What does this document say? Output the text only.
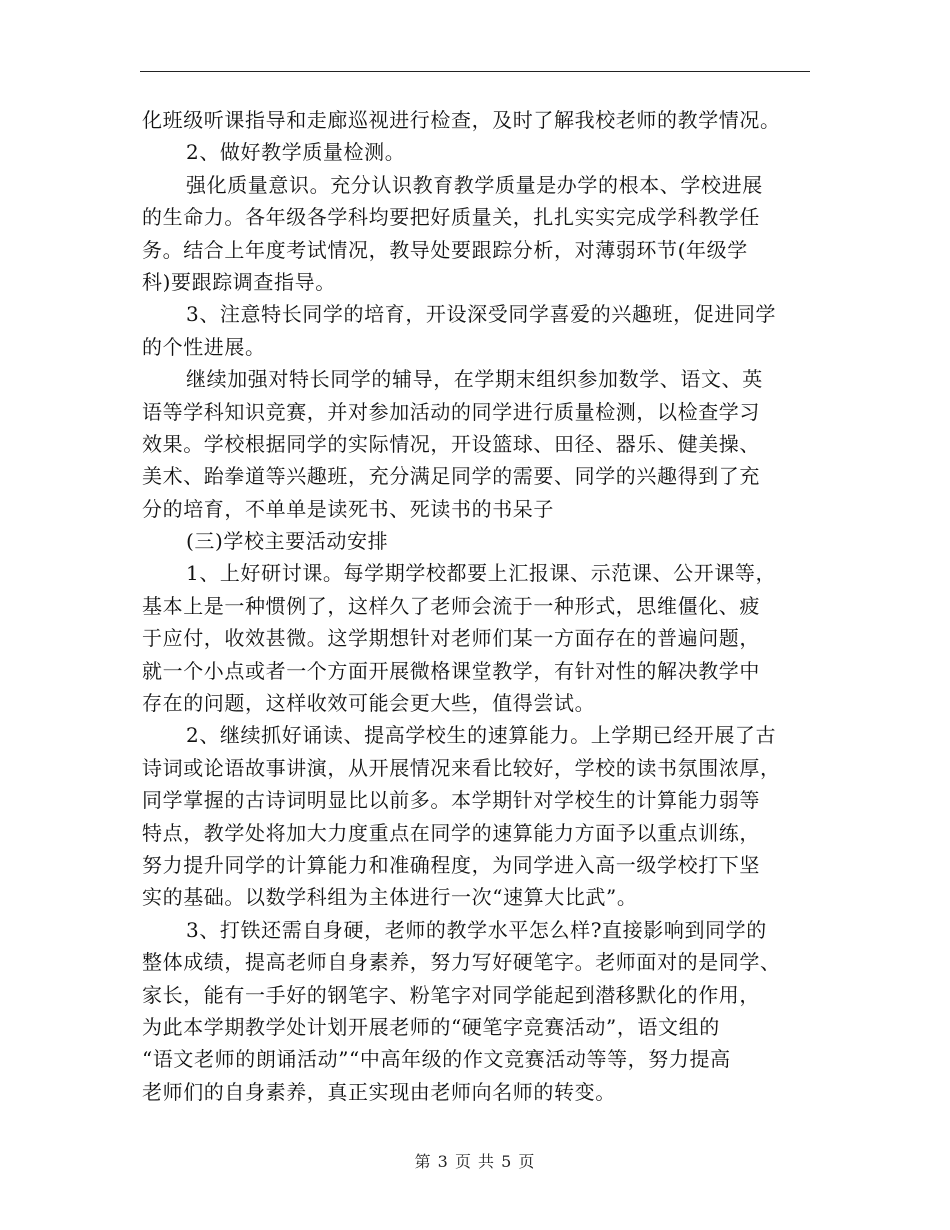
化班级听课指导和走廊巡视进行检查，及时了解我校老师的教学情况。
2、做好教学质量检测。
强化质量意识。充分认识教育教学质量是办学的根本、学校进展
的生命力。各年级各学科均要把好质量关，扎扎实实完成学科教学任
务。结合上年度考试情况，教导处要跟踪分析，对薄弱环节(年级学
科)要跟踪调查指导。
3、注意特长同学的培育，开设深受同学喜爱的兴趣班，促进同学
的个性进展。
继续加强对特长同学的辅导，在学期末组织参加数学、语文、英
语等学科知识竞赛，并对参加活动的同学进行质量检测，以检查学习
效果。学校根据同学的实际情况，开设篮球、田径、器乐、健美操、
美术、跆拳道等兴趣班，充分满足同学的需要、同学的兴趣得到了充
分的培育，不单单是读死书、死读书的书呆子
(三)学校主要活动安排
1、上好研讨课。每学期学校都要上汇报课、示范课、公开课等，
基本上是一种惯例了，这样久了老师会流于一种形式，思维僵化、疲
于应付，收效甚微。这学期想针对老师们某一方面存在的普遍问题，
就一个小点或者一个方面开展微格课堂教学，有针对性的解决教学中
存在的问题，这样收效可能会更大些，值得尝试。
2、继续抓好诵读、提高学校生的速算能力。上学期已经开展了古
诗词或论语故事讲演，从开展情况来看比较好，学校的读书氛围浓厚，
同学掌握的古诗词明显比以前多。本学期针对学校生的计算能力弱等
特点，教学处将加大力度重点在同学的速算能力方面予以重点训练，
努力提升同学的计算能力和准确程度，为同学进入高一级学校打下坚
实的基础。以数学科组为主体进行一次“速算大比武”。
3、打铁还需自身硬，老师的教学水平怎么样?直接影响到同学的
整体成绩，提高老师自身素养，努力写好硬笔字。老师面对的是同学、
家长，能有一手好的钢笔字、粉笔字对同学能起到潜移默化的作用，
为此本学期教学处计划开展老师的“硬笔字竞赛活动”，语文组的
“语文老师的朗诵活动”“中高年级的作文竞赛活动等等，努力提高
老师们的自身素养，真正实现由老师向名师的转变。
第 3 页 共 5 页
